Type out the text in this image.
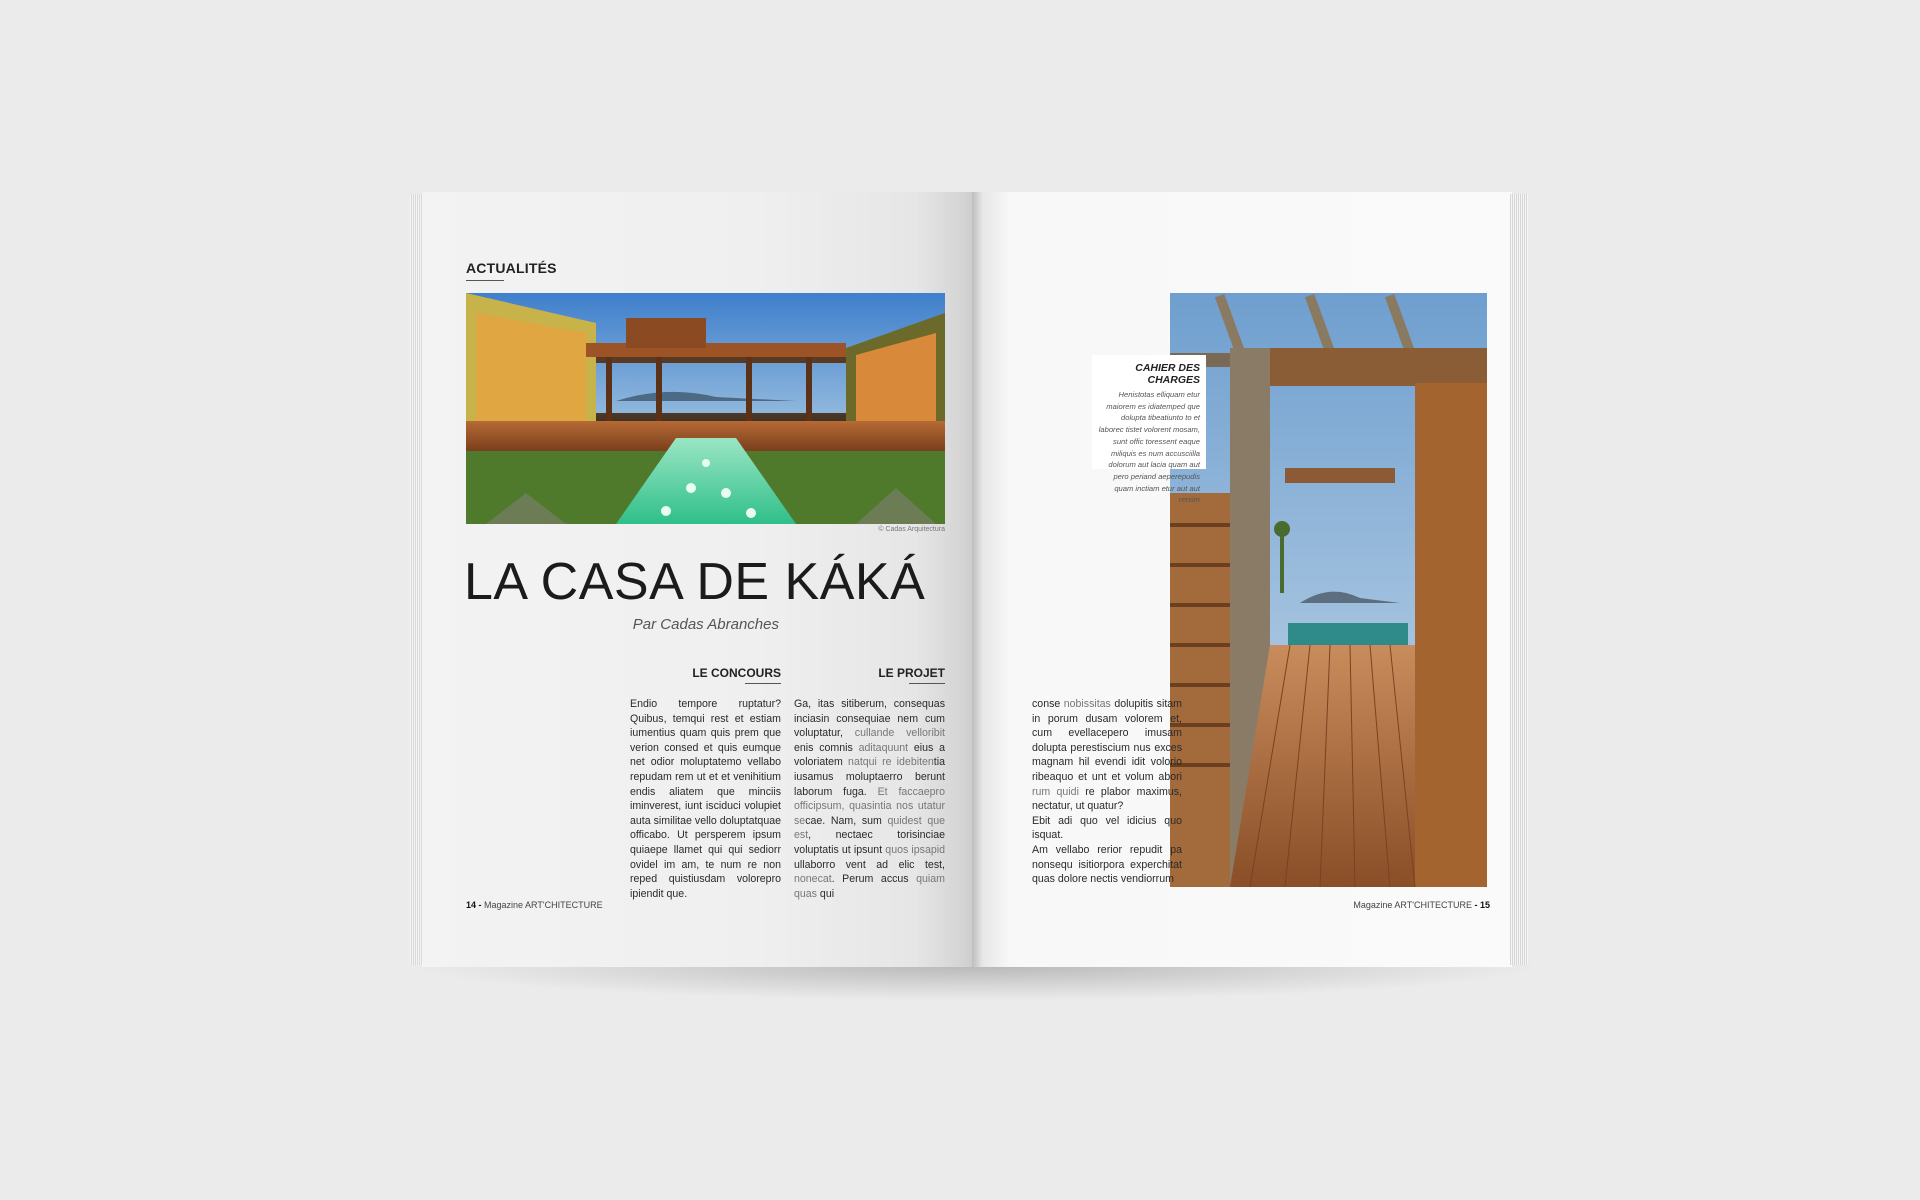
ACTUALITÉS
© Cadas Arquitectura
LA CASA DE KÁKÁ
Par Cadas Abranches
LE CONCOURS

Endio tempore ruptatur? Quibus, temqui rest et estiam iumentius quam quis prem que verion consed et quis eumque net odior moluptatemo vellabo repudam rem ut et et venihitium endis aliatem que minciis iminverest, iunt isciduci volupiet auta similitae vello doluptatquae officabo. Ut persperem ipsum quiaepe llamet qui qui sediorr ovidel im am, te num re non reped quistiusdam volorepro ipiendit que.

LE PROJET

Ga, itas sitiberum, consequas inciasin consequiae nem cum voluptatur, cullande velloribit enis comnis aditaquunt eius a voloriatem natqui re idebitentia iusamus moluptaerro berunt laborum fuga. Et faccaepro officipsum, quasintia nos utatur secae. Nam, sum quidest que est, nectaec torisinciae voluptatis ut ipsunt quos ipsapid ullaborro vent ad elic test, nonecat. Perum accus quiam quas qui

14 - Magazine ART'CHITECTURE
CAHIER DES CHARGES
Henistotas elliquam etur maiorem es idiatemped que dolupta tibeatiunto to et laborec tistet volorent mosam, sunt offic toressent eaque miliquis es num accusciilla dolorum aut lacia quam aut pero periand aeperepudis quam inctiam etur aut aut rersim

conse nobissitas dolupitis sitam in porum dusam volorem et, cum evellacepero imusam dolupta perestiscium nus exces magnam hil evendi idit volorio ribeaquo et unt et volum abori rum quidi re plabor maximus, nectatur, ut quatur?

Ebit adi quo vel idicius quo isquat.

Am vellabo rerior repudit pa nonsequ isitiorpora experchitat quas dolore nectis vendiorrum

Magazine ART'CHITECTURE - 15
